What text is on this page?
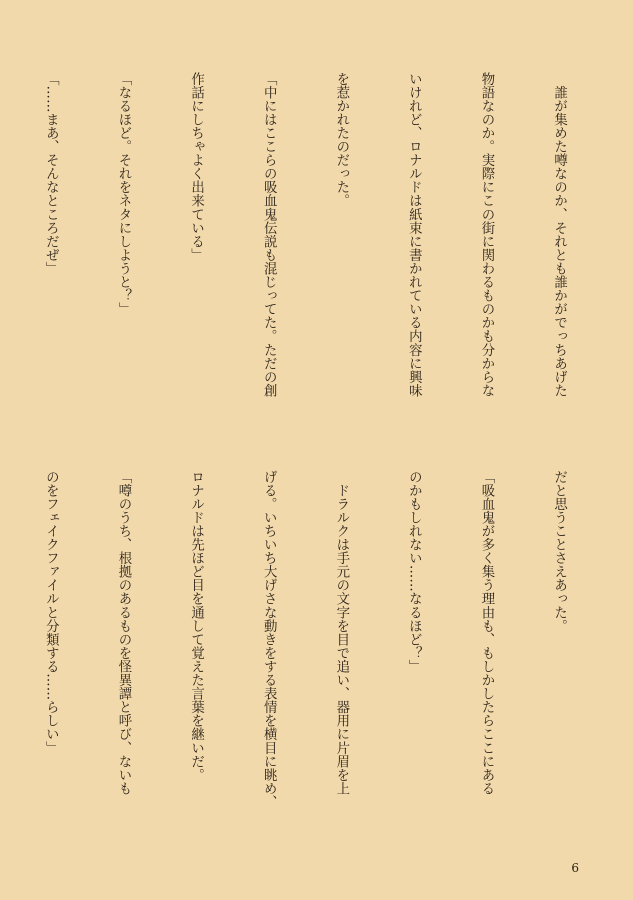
　誰が集めた噂なのか、それとも誰かがでっちあげた

物語なのか。実際にこの街に関わるものかも分からな

いけれど、ロナルドは紙束に書かれている内容に興味

を惹かれたのだった。

「中にはここらの吸血鬼伝説も混じってた。ただの創

作話にしちゃよく出来ている」

「なるほど。それをネタにしようと？」

「……まあ、そんなところだぜ」

だと思うことさえあった。

「吸血鬼が多く集う理由も、もしかしたらここにある

のかもしれない……なるほど？」

　ドラルクは手元の文字を目で追い、器用に片眉を上

げる。いちいち大げさな動きをする表情を横目に眺め、

ロナルドは先ほど目を通して覚えた言葉を継いだ。

「噂のうち、根拠のあるものを怪異譚と呼び、ないも

のをフェイクファイルと分類する……らしい」

6
